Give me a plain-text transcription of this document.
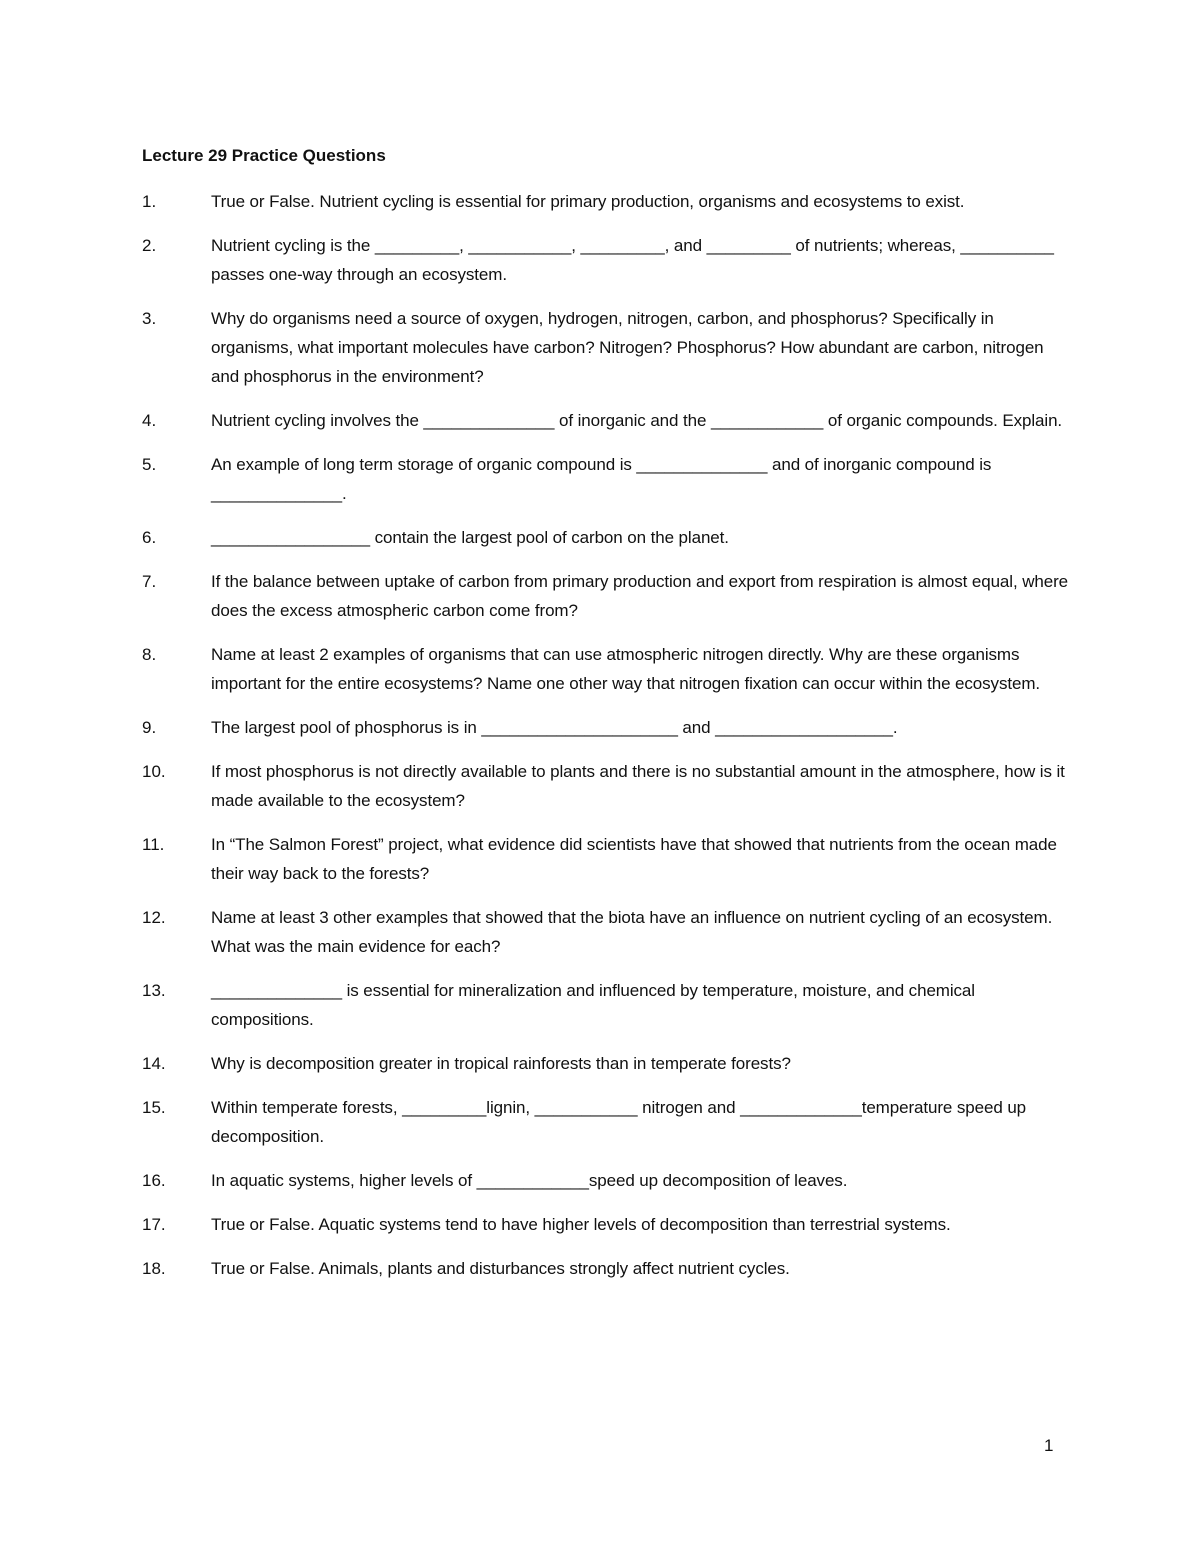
Lecture 29 Practice Questions
1.	True or False. Nutrient cycling is essential for primary production, organisms and ecosystems to exist.
2.	Nutrient cycling is the _________, ___________, _________, and _________ of nutrients; whereas, __________ passes one-way through an ecosystem.
3.	Why do organisms need a source of oxygen, hydrogen, nitrogen, carbon, and phosphorus? Specifically in organisms, what important molecules have carbon? Nitrogen? Phosphorus? How abundant are carbon, nitrogen and phosphorus in the environment?
4.	Nutrient cycling involves the ______________ of inorganic and the ____________ of organic compounds. Explain.
5.	An example of long term storage of organic compound is ______________ and of inorganic compound is ______________.
6.	_________________ contain the largest pool of carbon on the planet.
7.	If the balance between uptake of carbon from primary production and export from respiration is almost equal, where does the excess atmospheric carbon come from?
8.	Name at least 2 examples of organisms that can use atmospheric nitrogen directly. Why are these organisms important for the entire ecosystems? Name one other way that nitrogen fixation can occur within the ecosystem.
9.	The largest pool of phosphorus is in _____________________ and ___________________.
10.	If most phosphorus is not directly available to plants and there is no substantial amount in the atmosphere, how is it made available to the ecosystem?
11.	In “The Salmon Forest” project, what evidence did scientists have that showed that nutrients from the ocean made their way back to the forests?
12.	Name at least 3 other examples that showed that the biota have an influence on nutrient cycling of an ecosystem. What was the main evidence for each?
13.	______________ is essential for mineralization and influenced by temperature, moisture, and chemical compositions.
14.	Why is decomposition greater in tropical rainforests than in temperate forests?
15.	Within temperate forests, _________lignin, ___________ nitrogen and _____________temperature speed up decomposition.
16.	In aquatic systems, higher levels of ____________speed up decomposition of leaves.
17.	True or False. Aquatic systems tend to have higher levels of decomposition than terrestrial systems.
18.	True or False. Animals, plants and disturbances strongly affect nutrient cycles.
1
